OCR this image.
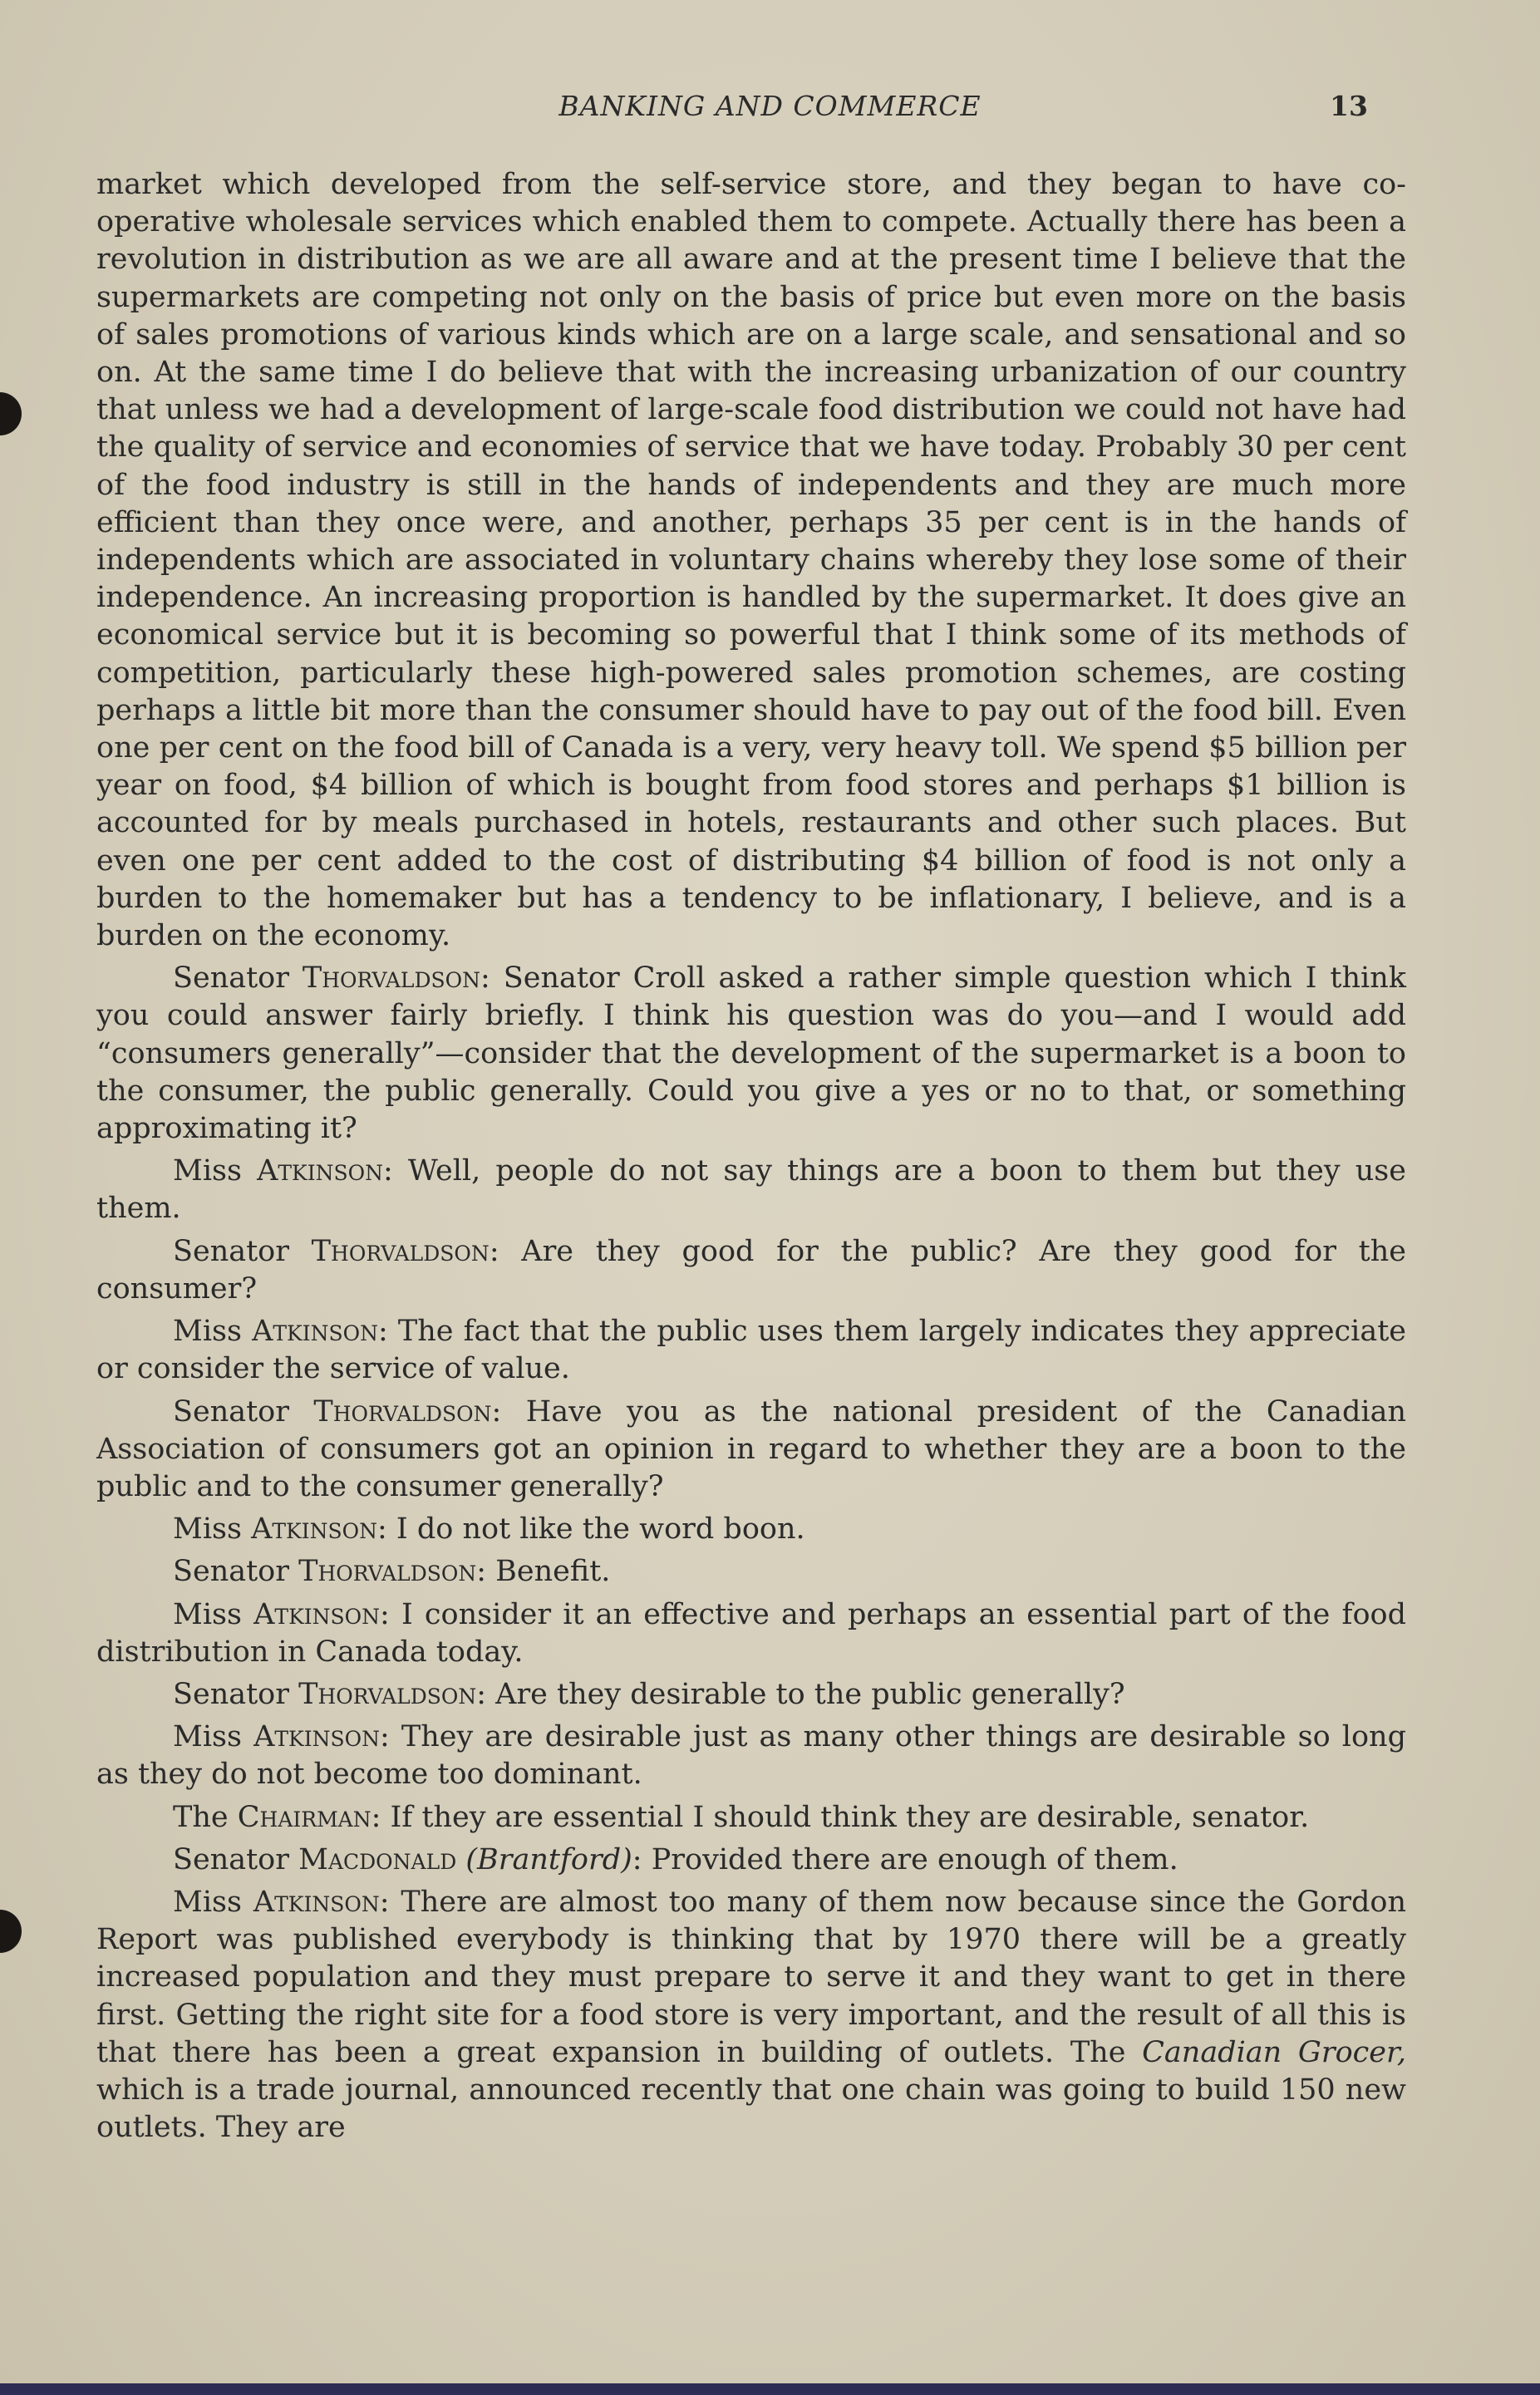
BANKING AND COMMERCE	13

market which developed from the self-service store, and they began to have co-operative wholesale services which enabled them to compete. Actually there has been a revolution in distribution as we are all aware and at the present time I believe that the supermarkets are competing not only on the basis of price but even more on the basis of sales promotions of various kinds which are on a large scale, and sensational and so on. At the same time I do believe that with the increasing urbanization of our country that unless we had a development of large-scale food distribution we could not have had the quality of service and economies of service that we have today. Probably 30 per cent of the food industry is still in the hands of independents and they are much more efficient than they once were, and another, perhaps 35 per cent is in the hands of independents which are associated in voluntary chains whereby they lose some of their independence. An increasing proportion is handled by the supermarket. It does give an economical service but it is becoming so powerful that I think some of its methods of competition, particularly these high-powered sales promotion schemes, are costing perhaps a little bit more than the consumer should have to pay out of the food bill. Even one per cent on the food bill of Canada is a very, very heavy toll. We spend $5 billion per year on food, $4 billion of which is bought from food stores and perhaps $1 billion is accounted for by meals purchased in hotels, restaurants and other such places. But even one per cent added to the cost of distributing $4 billion of food is not only a burden to the homemaker but has a tendency to be inflationary, I believe, and is a burden on the economy.

Senator Thorvaldson: Senator Croll asked a rather simple question which I think you could answer fairly briefly. I think his question was do you—and I would add “consumers generally”—consider that the development of the supermarket is a boon to the consumer, the public generally. Could you give a yes or no to that, or something approximating it?

Miss Atkinson: Well, people do not say things are a boon to them but they use them.

Senator Thorvaldson: Are they good for the public? Are they good for the consumer?

Miss Atkinson: The fact that the public uses them largely indicates they appreciate or consider the service of value.

Senator Thorvaldson: Have you as the national president of the Canadian Association of consumers got an opinion in regard to whether they are a boon to the public and to the consumer generally?

Miss Atkinson: I do not like the word boon.

Senator Thorvaldson: Benefit.

Miss Atkinson: I consider it an effective and perhaps an essential part of the food distribution in Canada today.

Senator Thorvaldson: Are they desirable to the public generally?

Miss Atkinson: They are desirable just as many other things are desirable so long as they do not become too dominant.

The Chairman: If they are essential I should think they are desirable, senator.

Senator Macdonald (Brantford): Provided there are enough of them.

Miss Atkinson: There are almost too many of them now because since the Gordon Report was published everybody is thinking that by 1970 there will be a greatly increased population and they must prepare to serve it and they want to get in there first. Getting the right site for a food store is very important, and the result of all this is that there has been a great expansion in building of outlets. The Canadian Grocer, which is a trade journal, announced recently that one chain was going to build 150 new outlets. They are
